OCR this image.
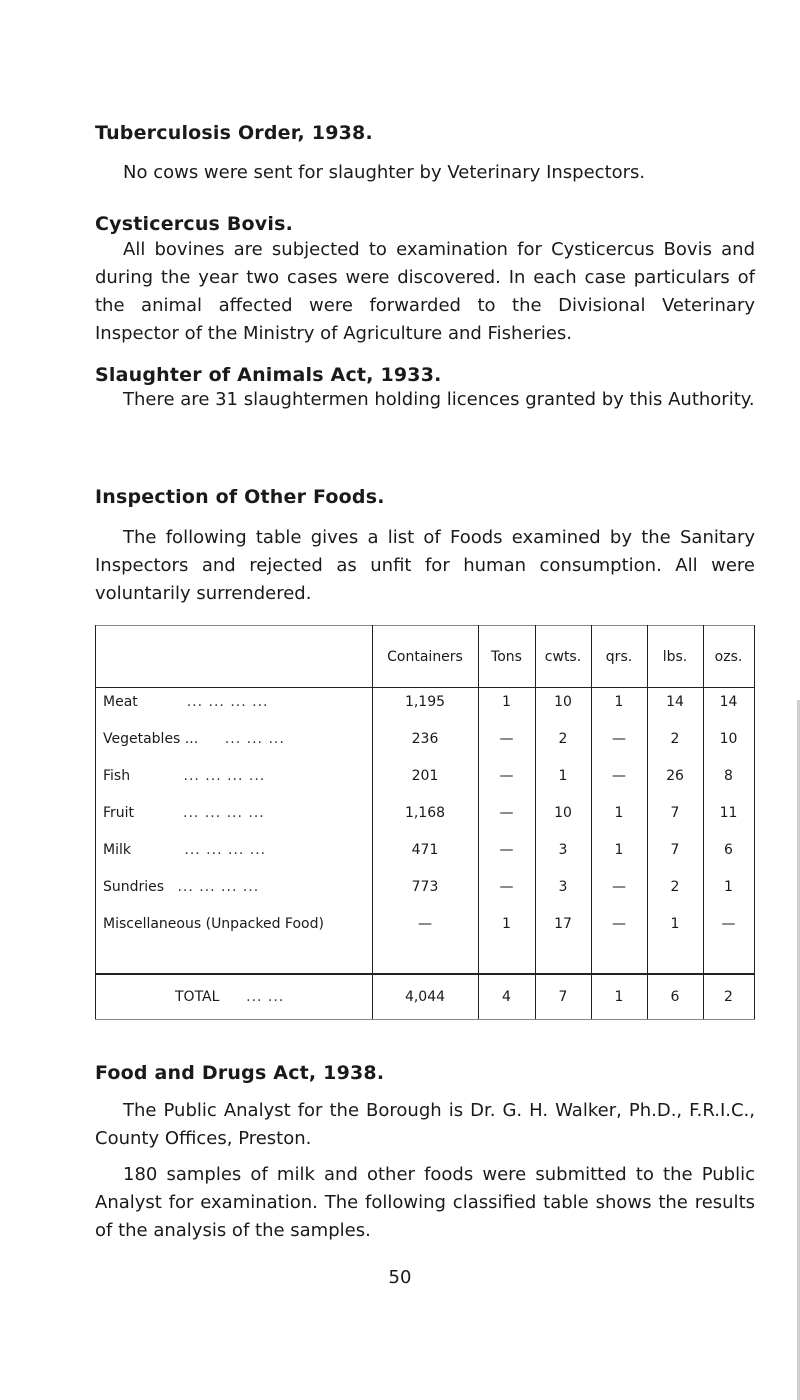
Tuberculosis Order, 1938.
No cows were sent for slaughter by Veterinary Inspectors.
Cysticercus Bovis.
All bovines are subjected to examination for Cysticercus Bovis and during the year two cases were discovered. In each case particulars of the animal affected were forwarded to the Divisional Veterinary Inspector of the Ministry of Agriculture and Fisheries.
Slaughter of Animals Act, 1933.
There are 31 slaughtermen holding licences granted by this Authority.
Inspection of Other Foods.
The following table gives a list of Foods examined by the Sanitary Inspectors and rejected as unfit for human consumption. All were voluntarily surrendered.
Containers	Tons	cwts.	qrs.	lbs.	ozs.
Meat	... ... ... ...	1,195	1	10	1	14	14
Vegetables ... ... ... ...	236	—	2	—	2	10
Fish	... ... ... ...	201	—	1	—	26	8
Fruit	... ... ... ...	1,168	—	10	1	7	11
Milk	... ... ... ...	471	—	3	1	7	6
Sundries ... ... ... ...	773	—	3	—	2	1
Miscellaneous (Unpacked Food)	—	1	17	—	1	—
TOTAL ... ...	4,044	4	7	1	6	2
Food and Drugs Act, 1938.
The Public Analyst for the Borough is Dr. G. H. Walker, Ph.D., F.R.I.C., County Offices, Preston.
180 samples of milk and other foods were submitted to the Public Analyst for examination. The following classified table shows the results of the analysis of the samples.
50
